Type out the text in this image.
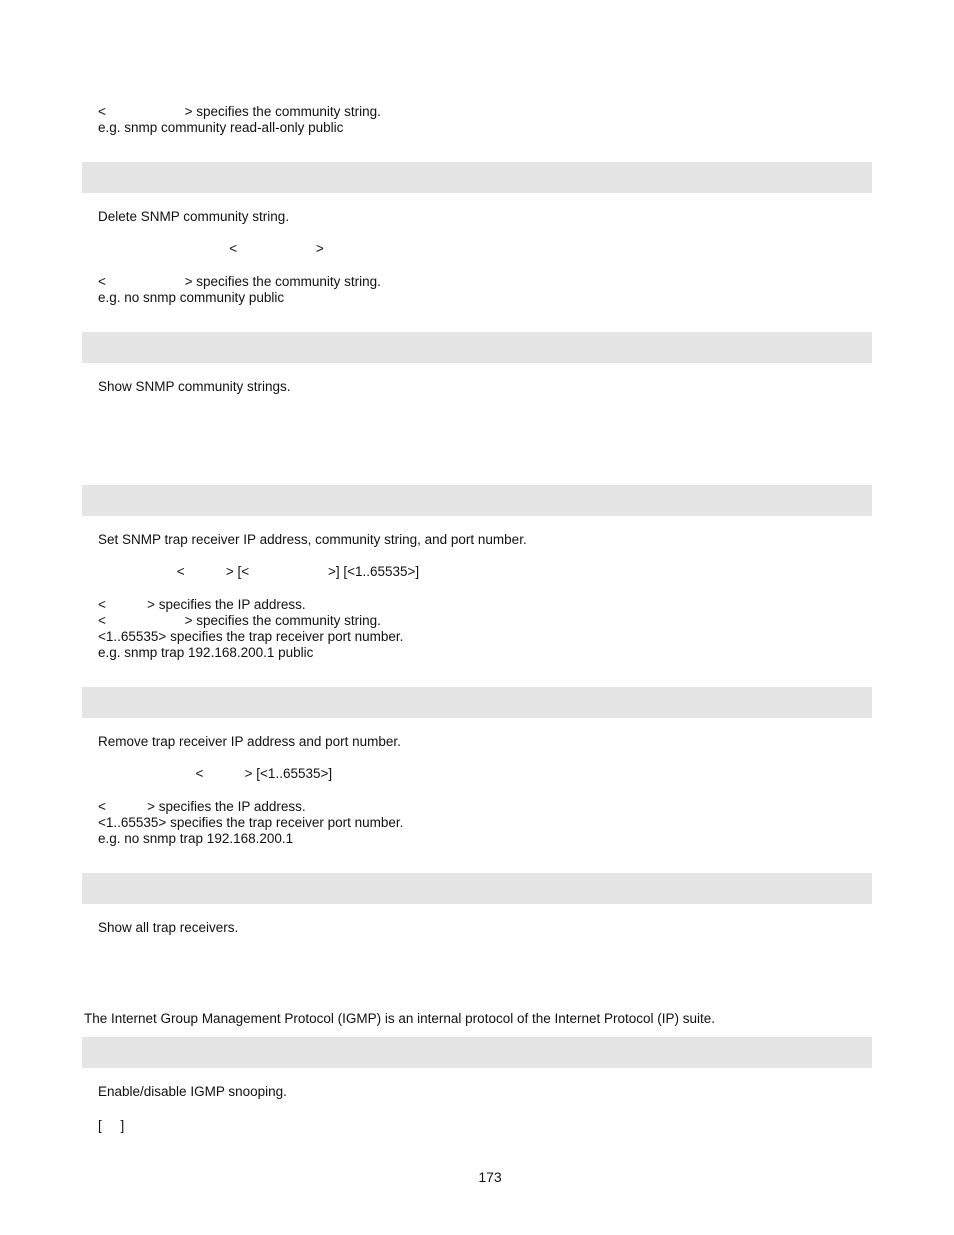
<                     > specifies the community string.
e.g. snmp community read-all-only public
Delete SNMP community string.
<                     >
<                     > specifies the community string.
e.g. no snmp community public
Show SNMP community strings.
Set SNMP trap receiver IP address, community string, and port number.
<           > [<                     >] [<1..65535>]
<           > specifies the IP address.
<                     > specifies the community string.
<1..65535> specifies the trap receiver port number.
e.g. snmp trap 192.168.200.1 public
Remove trap receiver IP address and port number.
<           > [<1..65535>]
<           > specifies the IP address.
<1..65535> specifies the trap receiver port number.
e.g. no snmp trap 192.168.200.1
Show all trap receivers.
The Internet Group Management Protocol (IGMP) is an internal protocol of the Internet Protocol (IP) suite.
Enable/disable IGMP snooping.
[     ]
173
